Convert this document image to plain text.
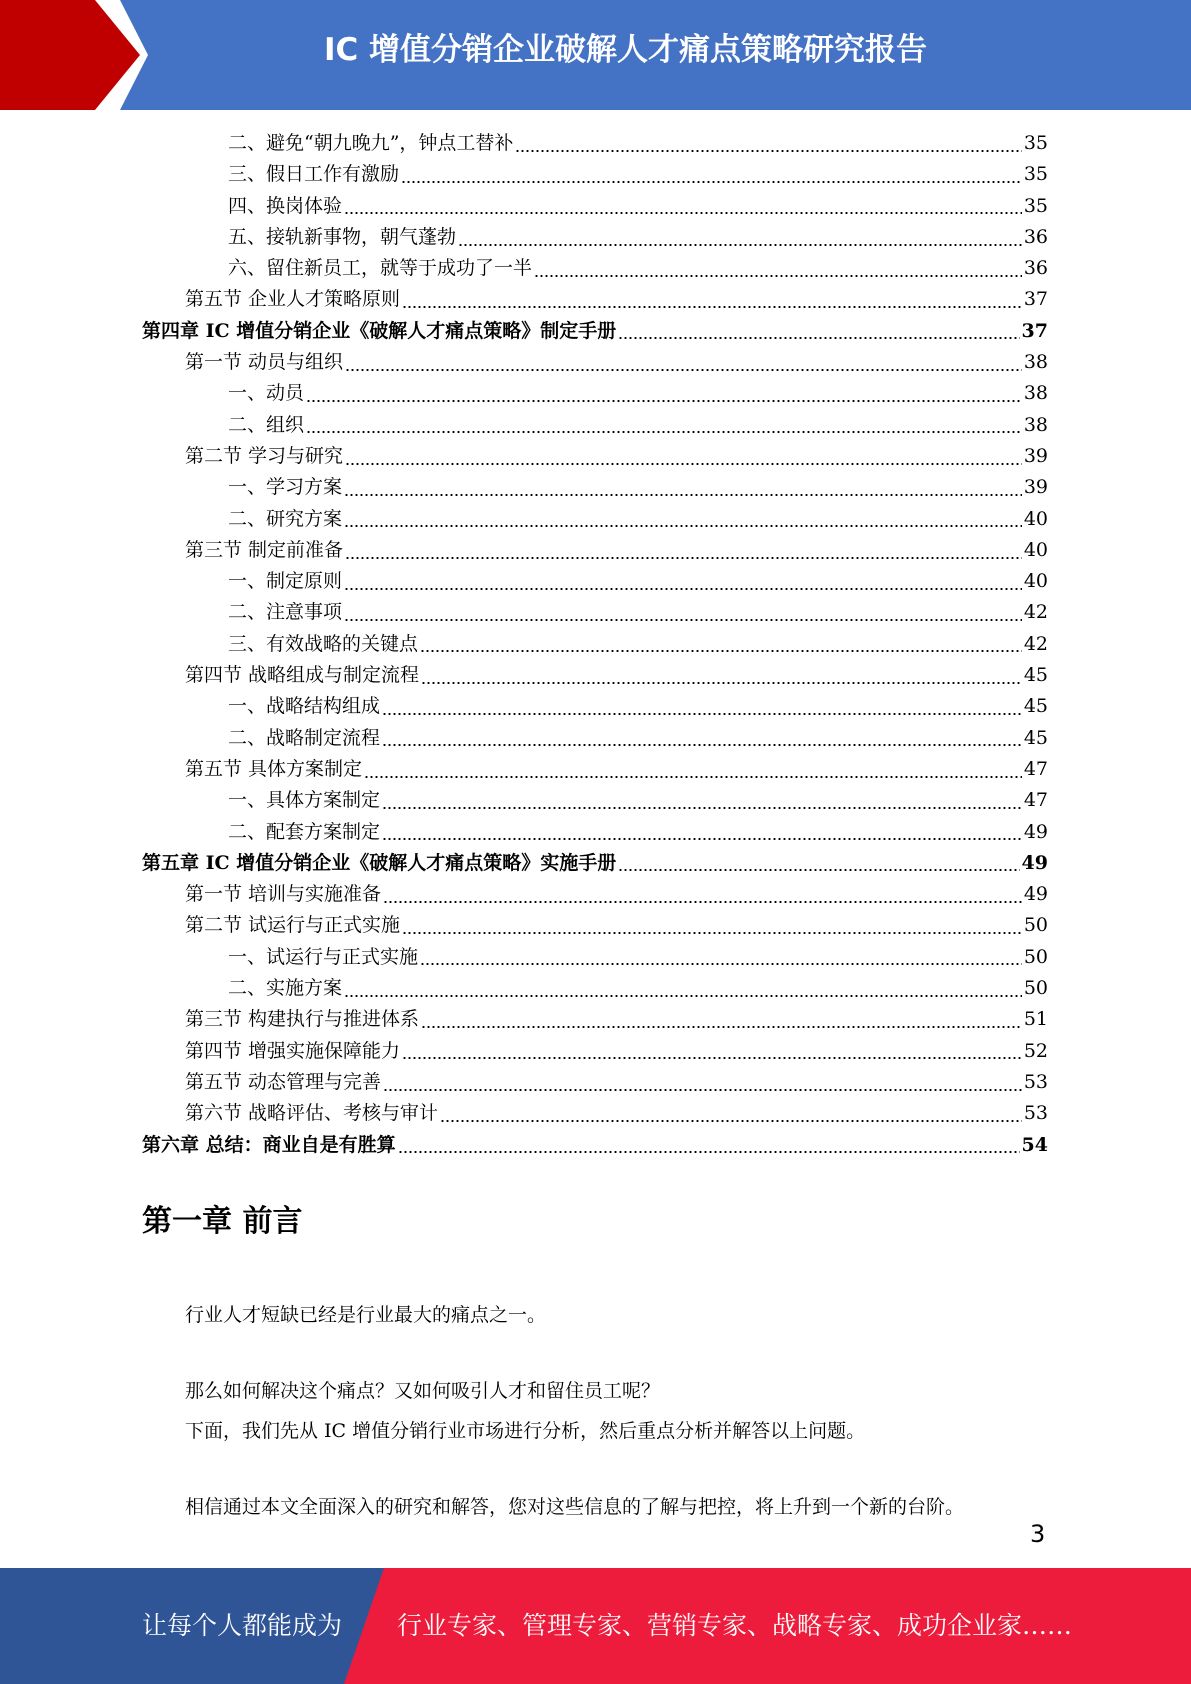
IC 增值分销企业破解人才痛点策略研究报告
二、避免“朝九晚九”，钟点工替补	35
三、假日工作有激励	35
四、换岗体验	35
五、接轨新事物，朝气蓬勃	36
六、留住新员工，就等于成功了一半	36
第五节 企业人才策略原则	37
第四章 IC 增值分销企业《破解人才痛点策略》制定手册	37
第一节 动员与组织	38
一、动员	38
二、组织	38
第二节 学习与研究	39
一、学习方案	39
二、研究方案	40
第三节 制定前准备	40
一、制定原则	40
二、注意事项	42
三、有效战略的关键点	42
第四节 战略组成与制定流程	45
一、战略结构组成	45
二、战略制定流程	45
第五节 具体方案制定	47
一、具体方案制定	47
二、配套方案制定	49
第五章 IC 增值分销企业《破解人才痛点策略》实施手册	49
第一节 培训与实施准备	49
第二节 试运行与正式实施	50
一、试运行与正式实施	50
二、实施方案	50
第三节 构建执行与推进体系	51
第四节 增强实施保障能力	52
第五节 动态管理与完善	53
第六节 战略评估、考核与审计	53
第六章 总结：商业自是有胜算	54
第一章 前言
行业人才短缺已经是行业最大的痛点之一。
那么如何解决这个痛点？又如何吸引人才和留住员工呢？
下面，我们先从 IC 增值分销行业市场进行分析，然后重点分析并解答以上问题。
相信通过本文全面深入的研究和解答，您对这些信息的了解与把控，将上升到一个新的台阶。
3
让每个人都能成为 行业专家、管理专家、营销专家、战略专家、成功企业家……
